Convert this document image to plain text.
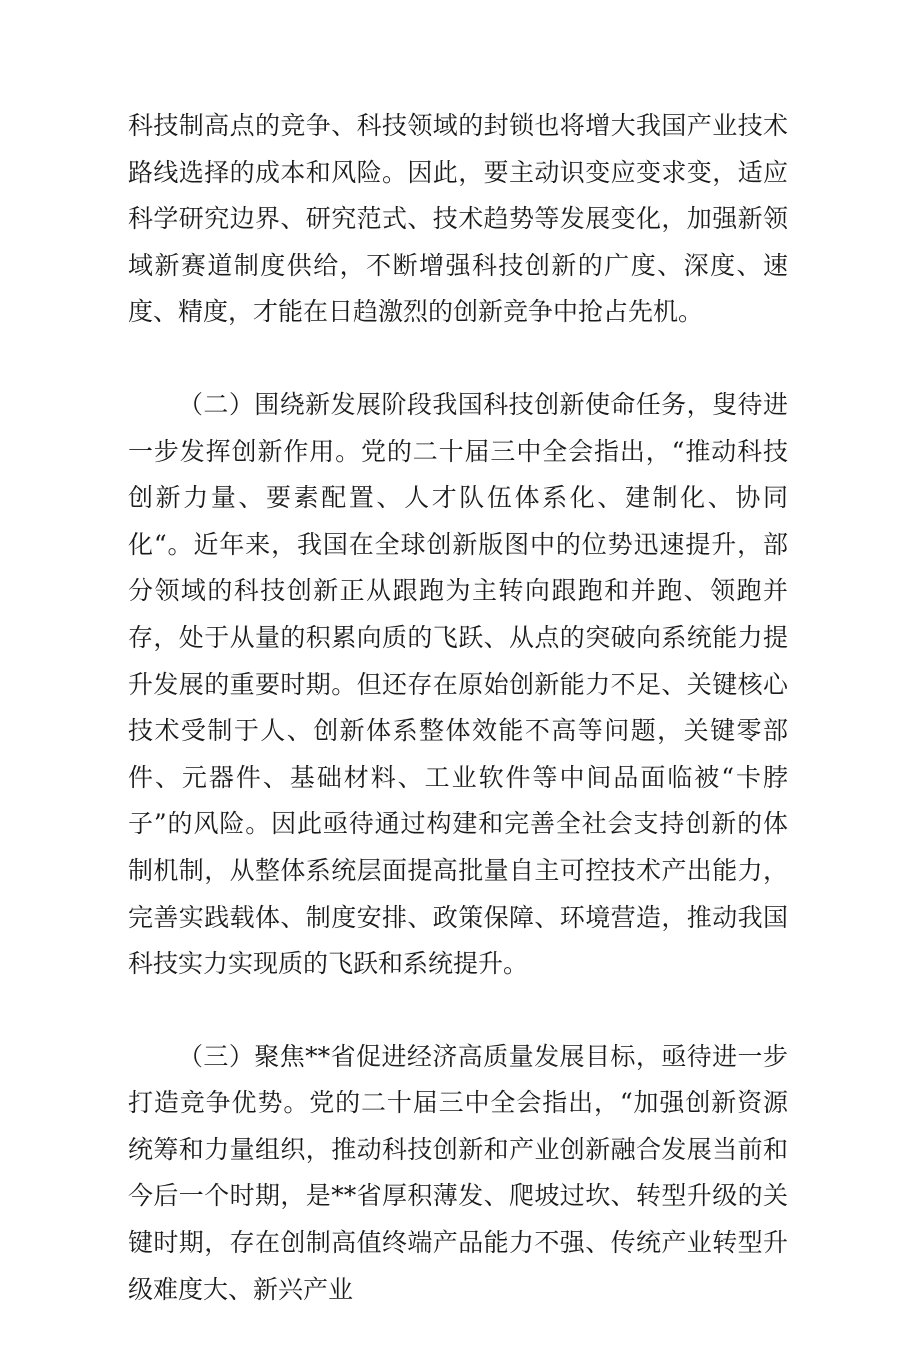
科技制高点的竞争、科技领域的封锁也将增大我国产业技术路线选择的成本和风险。因此，要主动识变应变求变，适应科学研究边界、研究范式、技术趋势等发展变化，加强新领域新赛道制度供给，不断增强科技创新的广度、深度、速度、精度，才能在日趋激烈的创新竞争中抢占先机。

（二）围绕新发展阶段我国科技创新使命任务，叟待进一步发挥创新作用。党的二十届三中全会指出，“推动科技创新力量、要素配置、人才队伍体系化、建制化、协同化“。近年来，我国在全球创新版图中的位势迅速提升，部分领域的科技创新正从跟跑为主转向跟跑和并跑、领跑并存，处于从量的积累向质的飞跃、从点的突破向系统能力提升发展的重要时期。但还存在原始创新能力不足、关键核心技术受制于人、创新体系整体效能不高等问题，关键零部件、元器件、基础材料、工业软件等中间品面临被“卡脖子”的风险。因此亟待通过构建和完善全社会支持创新的体制机制，从整体系统层面提高批量自主可控技术产出能力，完善实践载体、制度安排、政策保障、环境营造，推动我国科技实力实现质的飞跃和系统提升。

（三）聚焦**省促进经济高质量发展目标，亟待进一步打造竞争优势。党的二十届三中全会指出，“加强创新资源统筹和力量组织，推动科技创新和产业创新融合发展当前和今后一个时期，是**省厚积薄发、爬坡过坎、转型升级的关键时期，存在创制高值终端产品能力不强、传统产业转型升级难度大、新兴产业
